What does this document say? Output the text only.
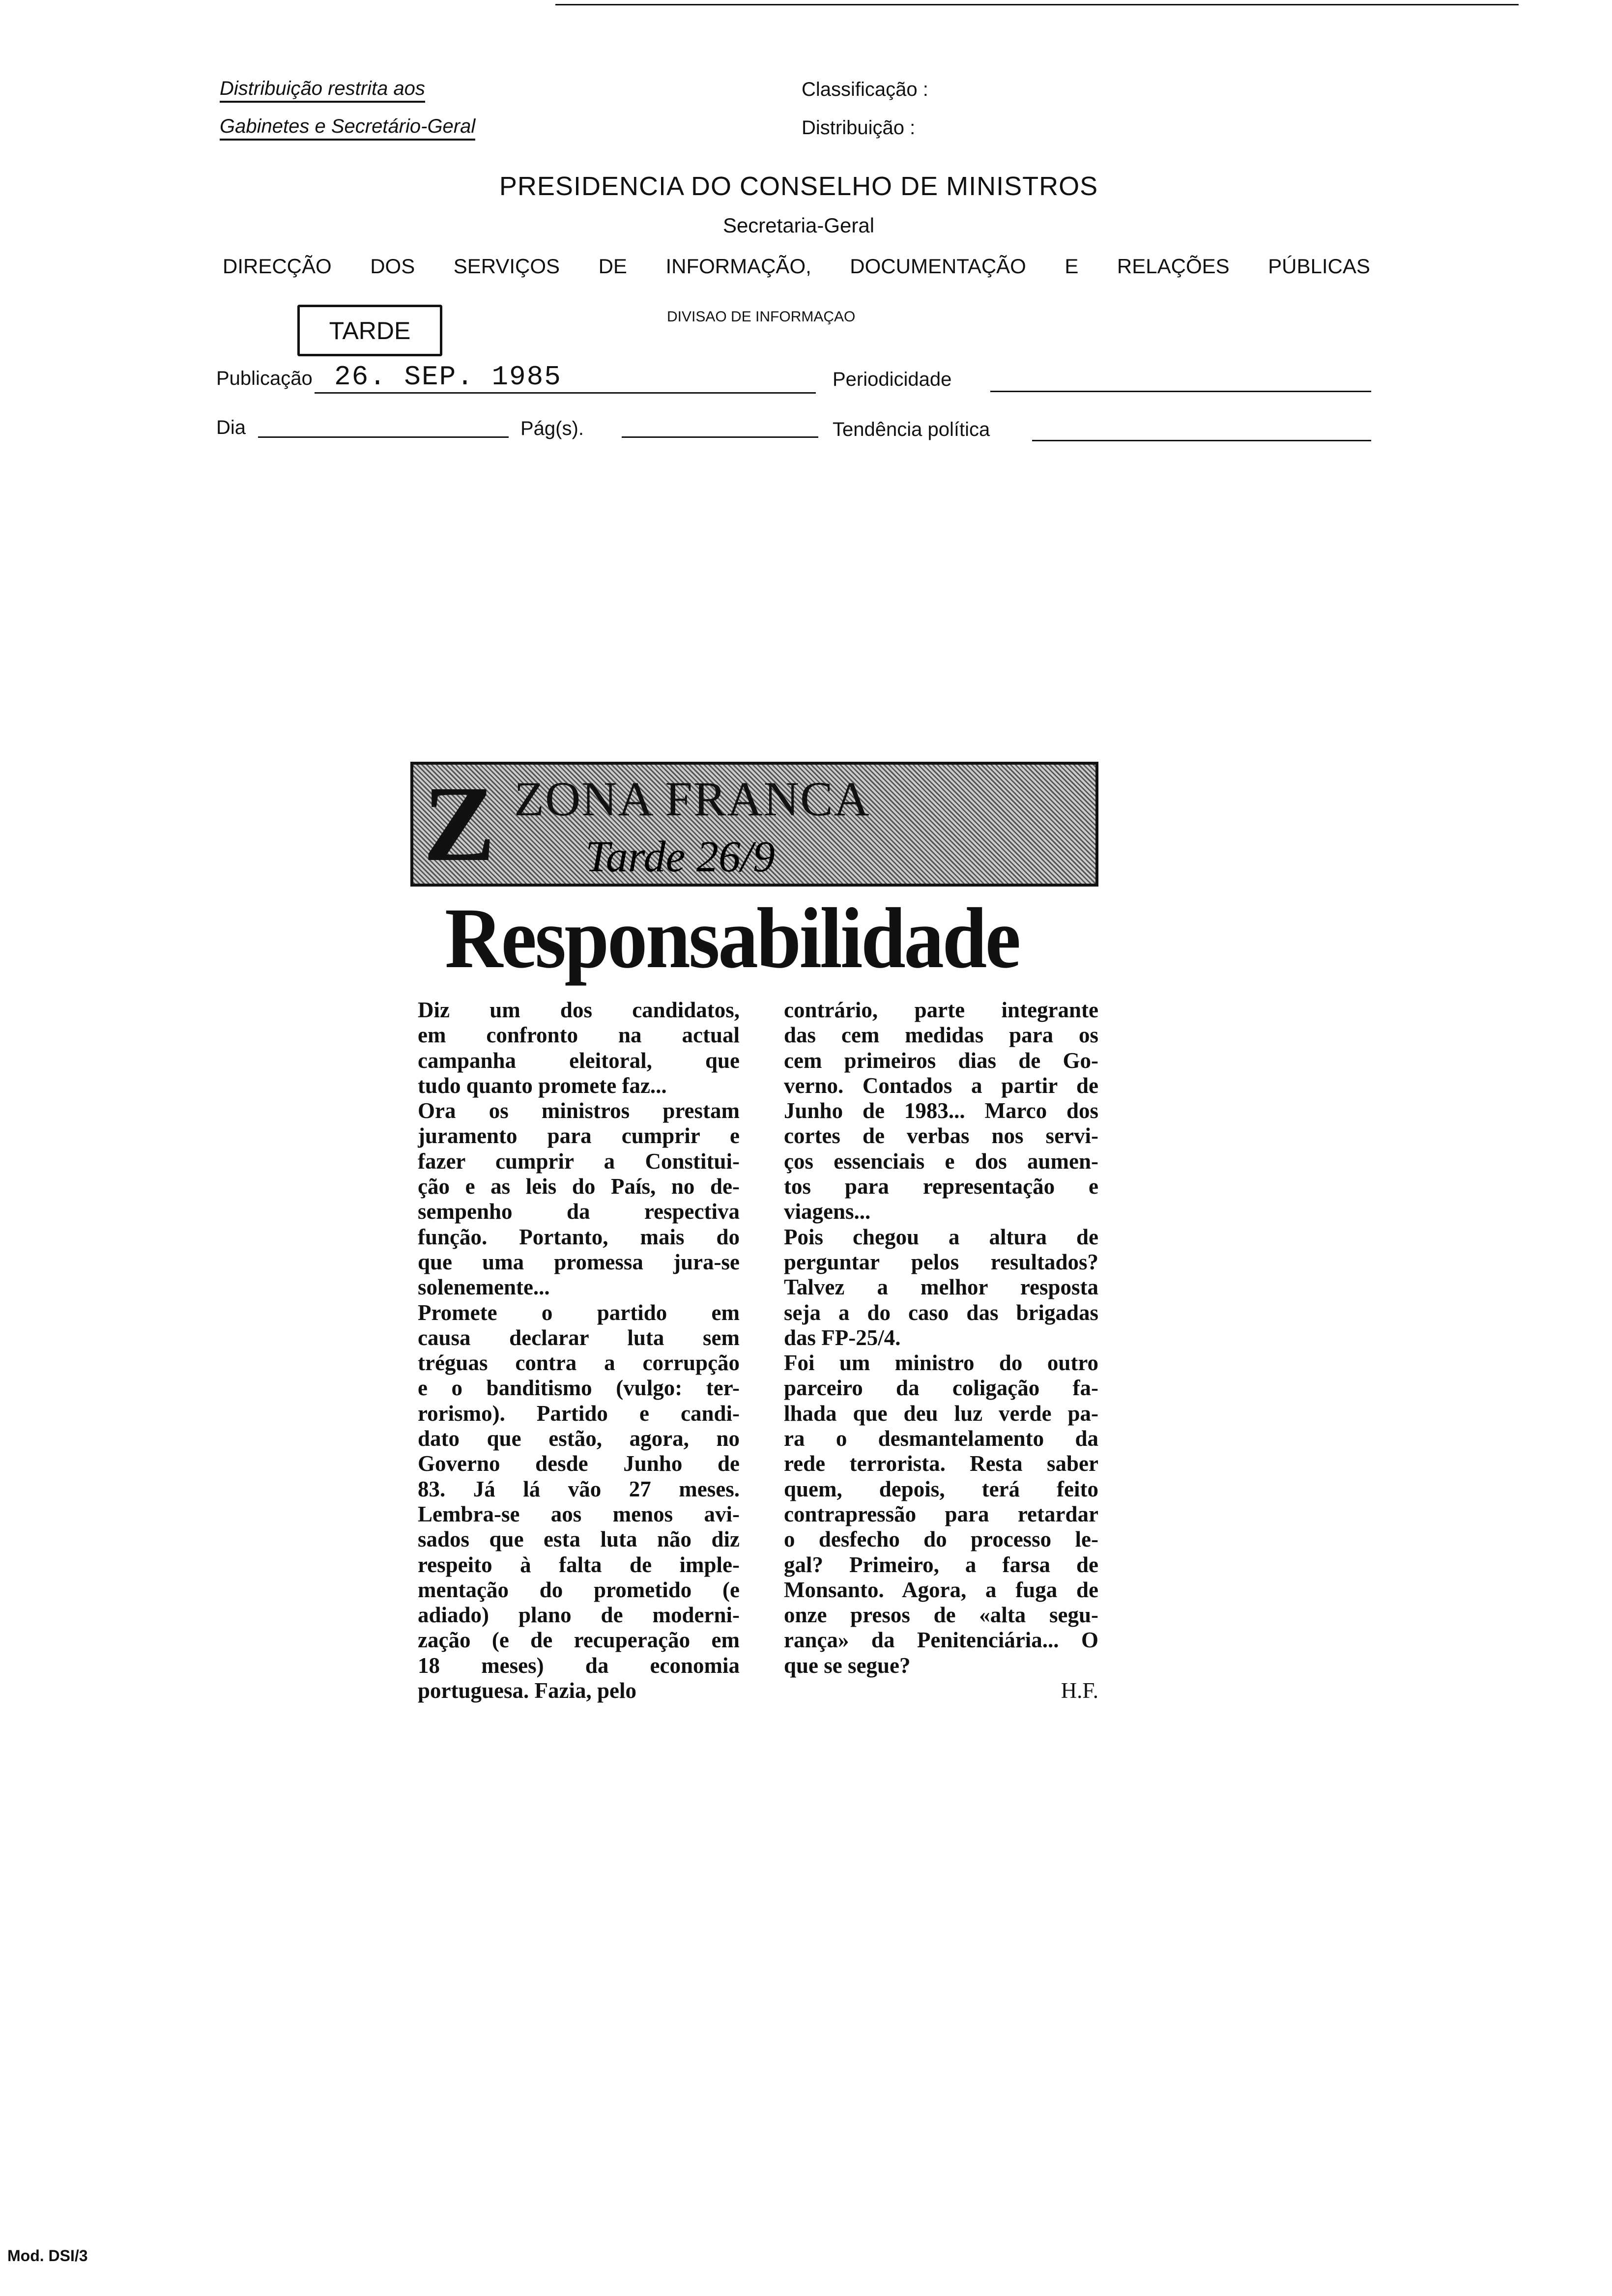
Distribuição restrita aos
Gabinetes e Secretário-Geral
Classificação :
Distribuição :
PRESIDENCIA DO CONSELHO DE MINISTROS
Secretaria-Geral
DIRECÇÃO DOS SERVIÇOS DE INFORMAÇÃO, DOCUMENTAÇÃO E RELAÇÕES PÚBLICAS
TARDE	DIVISAO DE INFORMAÇAO
Publicação 26. SEP. 1985	Periodicidade
Dia	Pág(s).	Tendência política
Z ZONA FRANCA
Tarde 26/9
Responsabilidade
Diz um dos candidatos,
em confronto na actual
campanha eleitoral, que
tudo quanto promete faz...
Ora os ministros prestam
juramento para cumprir e
fazer cumprir a Constitui-
ção e as leis do País, no de-
sempenho da respectiva
função. Portanto, mais do
que uma promessa jura-se
solenemente...
Promete o partido em
causa declarar luta sem
tréguas contra a corrupção
e o banditismo (vulgo: ter-
rorismo). Partido e candi-
dato que estão, agora, no
Governo desde Junho de
83. Já lá vão 27 meses.
Lembra-se aos menos avi-
sados que esta luta não diz
respeito à falta de imple-
mentação do prometido (e
adiado) plano de moderni-
zação (e de recuperação em
18 meses) da economia
portuguesa. Fazia, pelo
contrário, parte integrante
das cem medidas para os
cem primeiros dias de Go-
verno. Contados a partir de
Junho de 1983... Marco dos
cortes de verbas nos servi-
ços essenciais e dos aumen-
tos para representação e
viagens...
Pois chegou a altura de
perguntar pelos resultados?
Talvez a melhor resposta
seja a do caso das brigadas
das FP-25/4.
Foi um ministro do outro
parceiro da coligação fa-
lhada que deu luz verde pa-
ra o desmantelamento da
rede terrorista. Resta saber
quem, depois, terá feito
contrapressão para retardar
o desfecho do processo le-
gal? Primeiro, a farsa de
Monsanto. Agora, a fuga de
onze presos de «alta segu-
rança» da Penitenciária... O
que se segue?
H.F.
Mod. DSI/3
